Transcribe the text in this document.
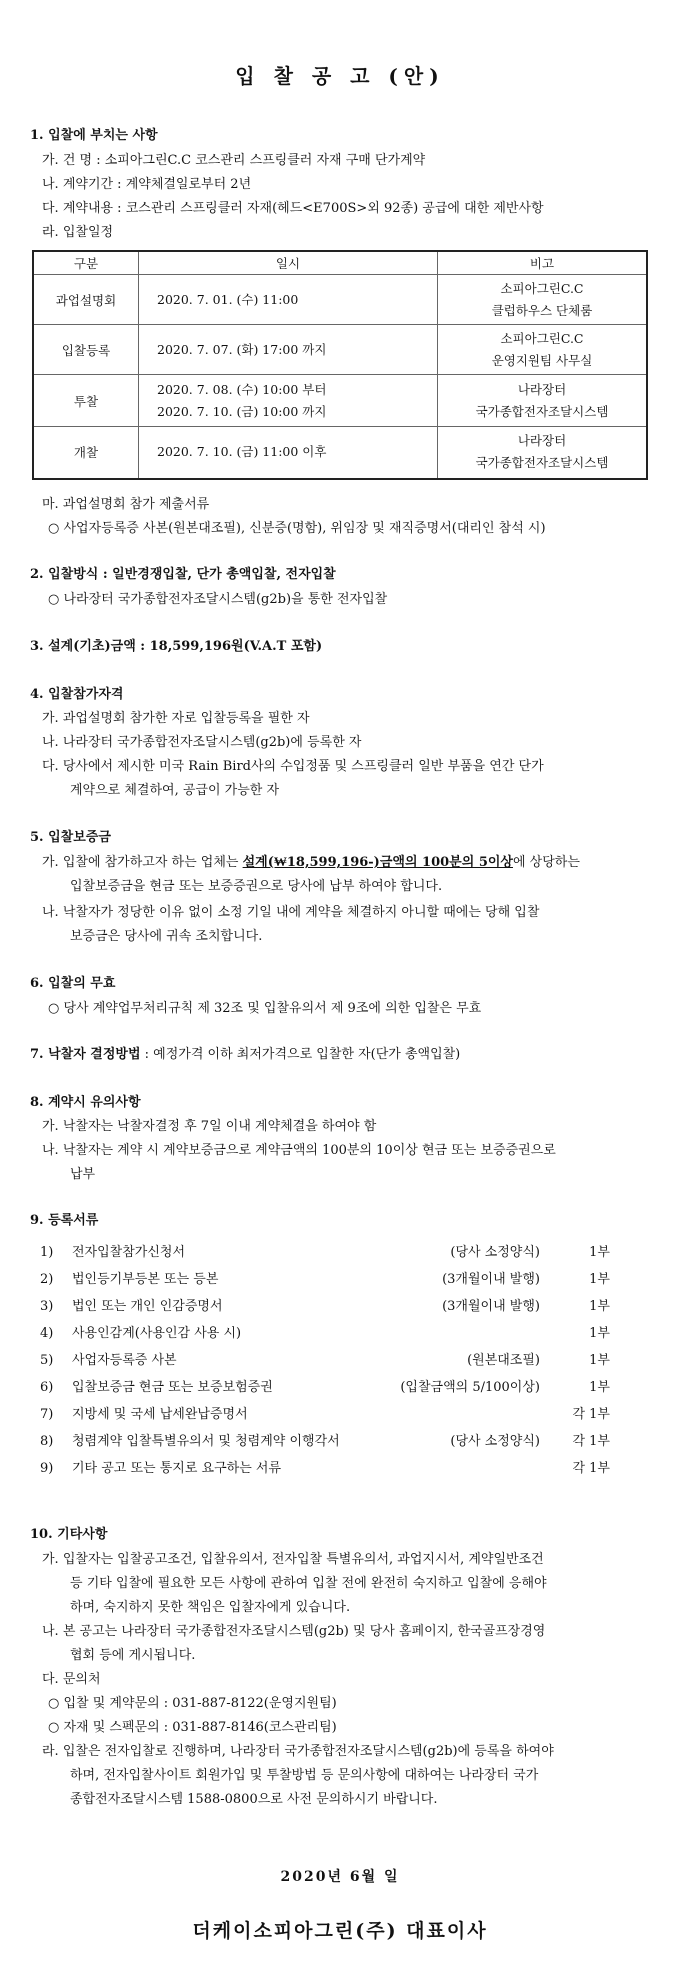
입 찰 공 고 (안)
1. 입찰에 부치는 사항
가. 건 명 : 소피아그린C.C 코스관리 스프링클러 자재 구매 단가계약
나. 계약기간 : 계약체결일로부터 2년
다. 계약내용 : 코스관리 스프링클러 자재(헤드<E700S>외 92종) 공급에 대한 제반사항
라. 입찰일정
구분	일시	비고
과업설명회	2020. 7. 01. (수) 11:00	소피아그린C.C
클럽하우스 단체룸

입찰등록	2020. 7. 07. (화) 17:00 까지	소피아그린C.C
운영지원팀 사무실

투찰	2020. 7. 08. (수) 10:00 부터
2020. 7. 10. (금) 10:00 까지	나라장터
국가종합전자조달시스템

개찰	2020. 7. 10. (금) 11:00 이후	나라장터
국가종합전자조달시스템
마. 과업설명회 참가 제출서류
○ 사업자등록증 사본(원본대조필), 신분증(명함), 위임장 및 재직증명서(대리인 참석 시)
2. 입찰방식 : 일반경쟁입찰, 단가 총액입찰, 전자입찰
○ 나라장터 국가종합전자조달시스템(g2b)을 통한 전자입찰
3. 설계(기초)금액 : 18,599,196원(V.A.T 포함)
4. 입찰참가자격
가. 과업설명회 참가한 자로 입찰등록을 필한 자
나. 나라장터 국가종합전자조달시스템(g2b)에 등록한 자
다. 당사에서 제시한 미국 Rain Bird사의 수입정품 및 스프링클러 일반 부품을 연간 단가
계약으로 체결하여, 공급이 가능한 자
5. 입찰보증금
가. 입찰에 참가하고자 하는 업체는 설계(₩18,599,196-)금액의 100분의 5이상에 상당하는
입찰보증금을 현금 또는 보증증권으로 당사에 납부 하여야 합니다.
나. 낙찰자가 정당한 이유 없이 소정 기일 내에 계약을 체결하지 아니할 때에는 당해 입찰
보증금은 당사에 귀속 조치합니다.
6. 입찰의 무효
○ 당사 계약업무처리규칙 제 32조 및 입찰유의서 제 9조에 의한 입찰은 무효
7. 낙찰자 결정방법 : 예정가격 이하 최저가격으로 입찰한 자(단가 총액입찰)
8. 계약시 유의사항
가. 낙찰자는 낙찰자결정 후 7일 이내 계약체결을 하여야 함
나. 낙찰자는 계약 시 계약보증금으로 계약금액의 100분의 10이상 현금 또는 보증증권으로
납부
9. 등록서류
1)	전자입찰참가신청서	(당사 소정양식)	1부
2)	법인등기부등본 또는 등본	(3개월이내 발행)	1부
3)	법인 또는 개인 인감증명서	(3개월이내 발행)	1부
4)	사용인감계(사용인감 사용 시)	1부
5)	사업자등록증 사본	(원본대조필)	1부
6)	입찰보증금 현금 또는 보증보험증권	(입찰금액의 5/100이상)	1부
7)	지방세 및 국세 납세완납증명서	각 1부
8)	청렴계약 입찰특별유의서 및 청렴계약 이행각서	(당사 소정양식) 각 1부
9)	기타 공고 또는 통지로 요구하는 서류	각 1부
10. 기타사항
가. 입찰자는 입찰공고조건, 입찰유의서, 전자입찰 특별유의서, 과업지시서, 계약일반조건
등 기타 입찰에 필요한 모든 사항에 관하여 입찰 전에 완전히 숙지하고 입찰에 응해야
하며, 숙지하지 못한 책임은 입찰자에게 있습니다.
나. 본 공고는 나라장터 국가종합전자조달시스템(g2b) 및 당사 홈페이지, 한국골프장경영
협회 등에 게시됩니다.
다. 문의처
○ 입찰 및 계약문의 : 031-887-8122(운영지원팀)
○ 자재 및 스펙문의 : 031-887-8146(코스관리팀)
라. 입찰은 전자입찰로 진행하며, 나라장터 국가종합전자조달시스템(g2b)에 등록을 하여야
하며, 전자입찰사이트 회원가입 및 투찰방법 등 문의사항에 대하여는 나라장터 국가
종합전자조달시스템 1588-0800으로 사전 문의하시기 바랍니다.
2020년 6월 일
더케이소피아그린(주) 대표이사
